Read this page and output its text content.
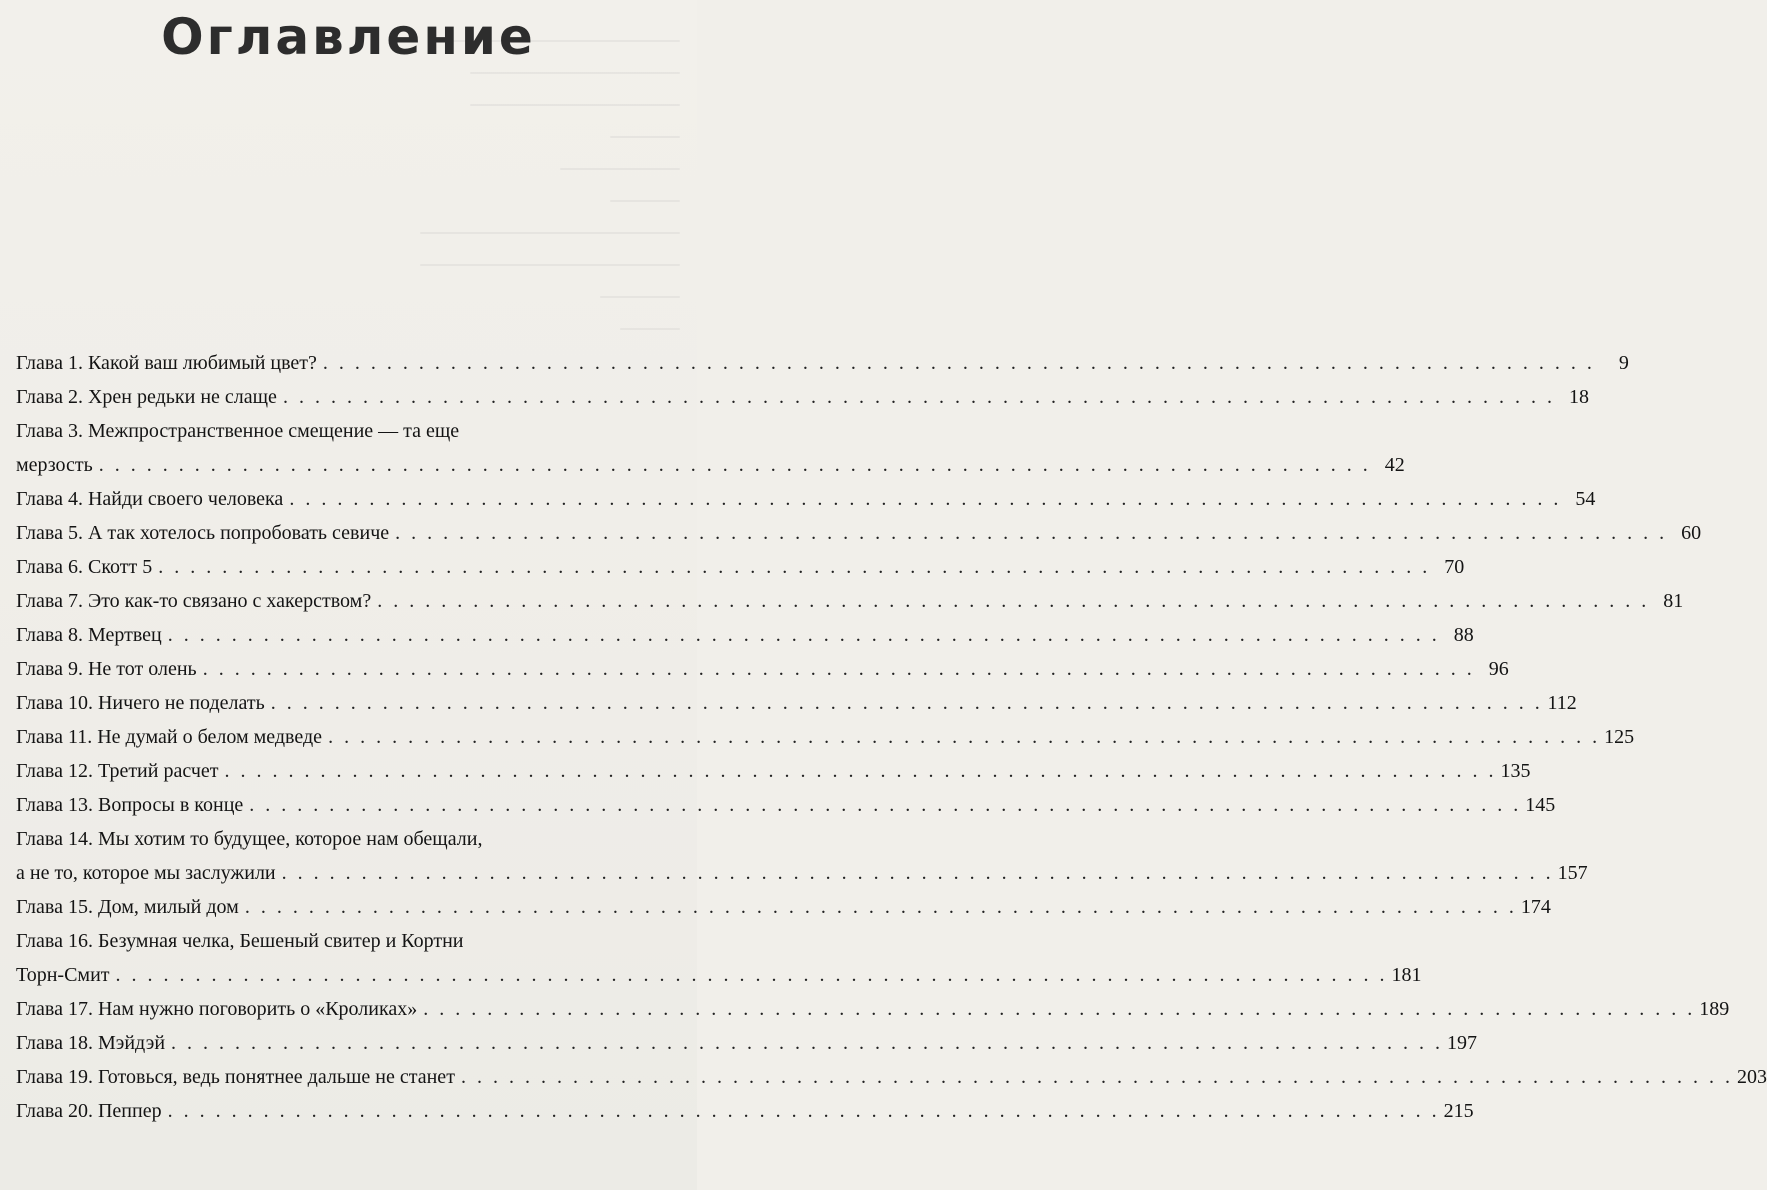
Оглавление
Глава 1. Какой ваш любимый цвет? . . . . . . . . . . . . . . . . . . . . . . . . . . . . . . . . . . . . . . . . . . . . . . . . . . . . . . . . . . . . . . . . . . . . . . . . . . . . . . . .	9
Глава 2. Хрен редьки не слаще . . . . . . . . . . . . . . . . . . . . . . . . . . . . . . . . . . . . . . . . . . . . . . . . . . . . . . . . . . . . . . . . . . . . . . . . . . . . . . . . 18
Глава 3. Межпространственное смещение — та еще
мерзость . . . . . . . . . . . . . . . . . . . . . . . . . . . . . . . . . . . . . . . . . . . . . . . . . . . . . . . . . . . . . . . . . . . . . . . . . . . . . . . . 42
Глава 4. Найди своего человека . . . . . . . . . . . . . . . . . . . . . . . . . . . . . . . . . . . . . . . . . . . . . . . . . . . . . . . . . . . . . . . . . . . . . . . . . . . . . . . . 54
Глава 5. А так хотелось попробовать севиче . . . . . . . . . . . . . . . . . . . . . . . . . . . . . . . . . . . . . . . . . . . . . . . . . . . . . . . . . . . . . . . . . . . . . . . . . . . . . . . . 60
Глава 6. Скотт 5 . . . . . . . . . . . . . . . . . . . . . . . . . . . . . . . . . . . . . . . . . . . . . . . . . . . . . . . . . . . . . . . . . . . . . . . . . . . . . . . . 70
Глава 7. Это как-то связано с хакерством? . . . . . . . . . . . . . . . . . . . . . . . . . . . . . . . . . . . . . . . . . . . . . . . . . . . . . . . . . . . . . . . . . . . . . . . . . . . . . . . . 81
Глава 8. Мертвец . . . . . . . . . . . . . . . . . . . . . . . . . . . . . . . . . . . . . . . . . . . . . . . . . . . . . . . . . . . . . . . . . . . . . . . . . . . . . . . . 88
Глава 9. Не тот олень . . . . . . . . . . . . . . . . . . . . . . . . . . . . . . . . . . . . . . . . . . . . . . . . . . . . . . . . . . . . . . . . . . . . . . . . . . . . . . . . 96
Глава 10. Ничего не поделать . . . . . . . . . . . . . . . . . . . . . . . . . . . . . . . . . . . . . . . . . . . . . . . . . . . . . . . . . . . . . . . . . . . . . . . . . . . . . . . . 112
Глава 11. Не думай о белом медведе . . . . . . . . . . . . . . . . . . . . . . . . . . . . . . . . . . . . . . . . . . . . . . . . . . . . . . . . . . . . . . . . . . . . . . . . . . . . . . . . 125
Глава 12. Третий расчет . . . . . . . . . . . . . . . . . . . . . . . . . . . . . . . . . . . . . . . . . . . . . . . . . . . . . . . . . . . . . . . . . . . . . . . . . . . . . . . . 135
Глава 13. Вопросы в конце . . . . . . . . . . . . . . . . . . . . . . . . . . . . . . . . . . . . . . . . . . . . . . . . . . . . . . . . . . . . . . . . . . . . . . . . . . . . . . . . 145
Глава 14. Мы хотим то будущее, которое нам обещали,
а не то, которое мы заслужили . . . . . . . . . . . . . . . . . . . . . . . . . . . . . . . . . . . . . . . . . . . . . . . . . . . . . . . . . . . . . . . . . . . . . . . . . . . . . . . . 157
Глава 15. Дом, милый дом . . . . . . . . . . . . . . . . . . . . . . . . . . . . . . . . . . . . . . . . . . . . . . . . . . . . . . . . . . . . . . . . . . . . . . . . . . . . . . . . 174
Глава 16. Безумная челка, Бешеный свитер и Кортни
Торн-Смит . . . . . . . . . . . . . . . . . . . . . . . . . . . . . . . . . . . . . . . . . . . . . . . . . . . . . . . . . . . . . . . . . . . . . . . . . . . . . . . . 181
Глава 17. Нам нужно поговорить о «Кроликах» . . . . . . . . . . . . . . . . . . . . . . . . . . . . . . . . . . . . . . . . . . . . . . . . . . . . . . . . . . . . . . . . . . . . . . . . . . . . . . . . 189
Глава 18. Мэйдэй . . . . . . . . . . . . . . . . . . . . . . . . . . . . . . . . . . . . . . . . . . . . . . . . . . . . . . . . . . . . . . . . . . . . . . . . . . . . . . . . 197
Глава 19. Готовься, ведь понятнее дальше не станет . . . . . . . . . . . . . . . . . . . . . . . . . . . . . . . . . . . . . . . . . . . . . . . . . . . . . . . . . . . . . . . . . . . . . . . . . . . . . . . . 203
Глава 20. Пеппер . . . . . . . . . . . . . . . . . . . . . . . . . . . . . . . . . . . . . . . . . . . . . . . . . . . . . . . . . . . . . . . . . . . . . . . . . . . . . . . . 215
